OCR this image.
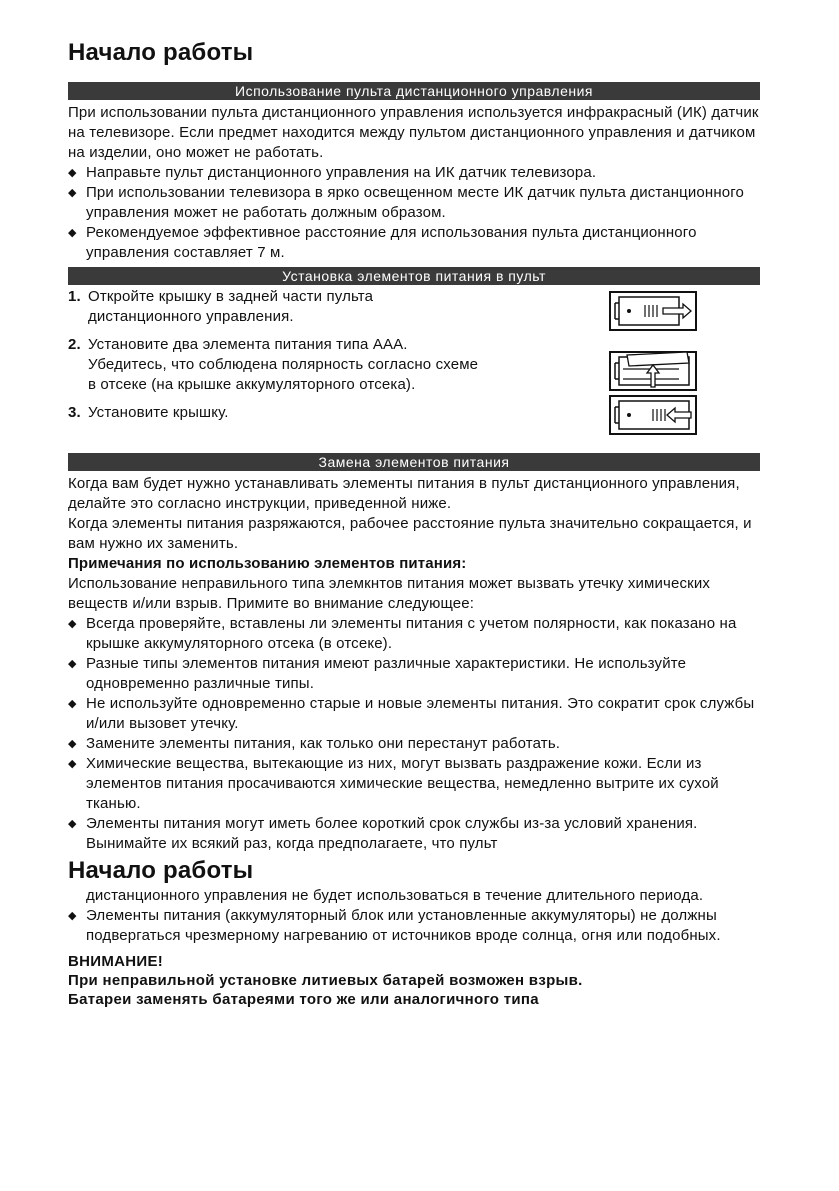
Начало работы
Использование пульта дистанционного управления

При использовании пульта дистанционного управления используется инфракрасный (ИК) датчик на телевизоре. Если предмет находится между пультом дистанционного управления и датчиком на изделии, оно может не работать.

◆ Направьте пульт дистанционного управления на ИК датчик телевизора.
◆ При использовании телевизора в ярко освещенном месте ИК датчик пульта дистанционного управления может не работать должным образом.
◆ Рекомендуемое эффективное расстояние для использования пульта дистанционного управления составляет 7 м.
Установка элементов питания в пульт
1. Откройте крышку в задней части пульта дистанционного управления.
2. Установите два элемента питания типа AAA. Убедитесь, что соблюдена полярность согласно схеме в отсеке (на крышке аккумуляторного отсека).
3. Установите крышку.
Замена элементов питания

Когда вам будет нужно устанавливать элементы питания в пульт дистанционного управления, делайте это согласно инструкции, приведенной ниже.

Когда элементы питания разряжаются, рабочее расстояние пульта значительно сокращается, и вам нужно их заменить.

Примечания по использованию элементов питания:

Использование неправильного типа элемкнтов питания может вызвать утечку химических веществ и/или взрыв. Примите во внимание следующее:

◆ Всегда проверяйте, вставлены ли элементы питания с учетом полярности, как показано на крышке аккумуляторного отсека (в отсеке).
◆ Разные типы элементов питания имеют различные характеристики. Не используйте одновременно различные типы.
◆ Не используйте одновременно старые и новые элементы питания. Это сократит срок службы и/или вызовет утечку.
◆ Замените элементы питания, как только они перестанут работать.
◆ Химические вещества, вытекающие из них, могут вызвать раздражение кожи. Если из элементов питания просачиваются химические вещества, немедленно вытрите их сухой тканью.
◆ Элементы питания могут иметь более короткий срок службы из-за условий хранения. Вынимайте их всякий раз, когда предполагаете, что пульт
Начало работы

дистанционного управления не будет использоваться в течение длительного периода.

◆ Элементы питания (аккумуляторный блок или установленные аккумуляторы) не должны подвергаться чрезмерному нагреванию от источников вроде солнца, огня или подобных.
ВНИМАНИЕ!
При неправильной установке литиевых батарей возможен взрыв.
Батареи заменять батареями того же или аналогичного типа
